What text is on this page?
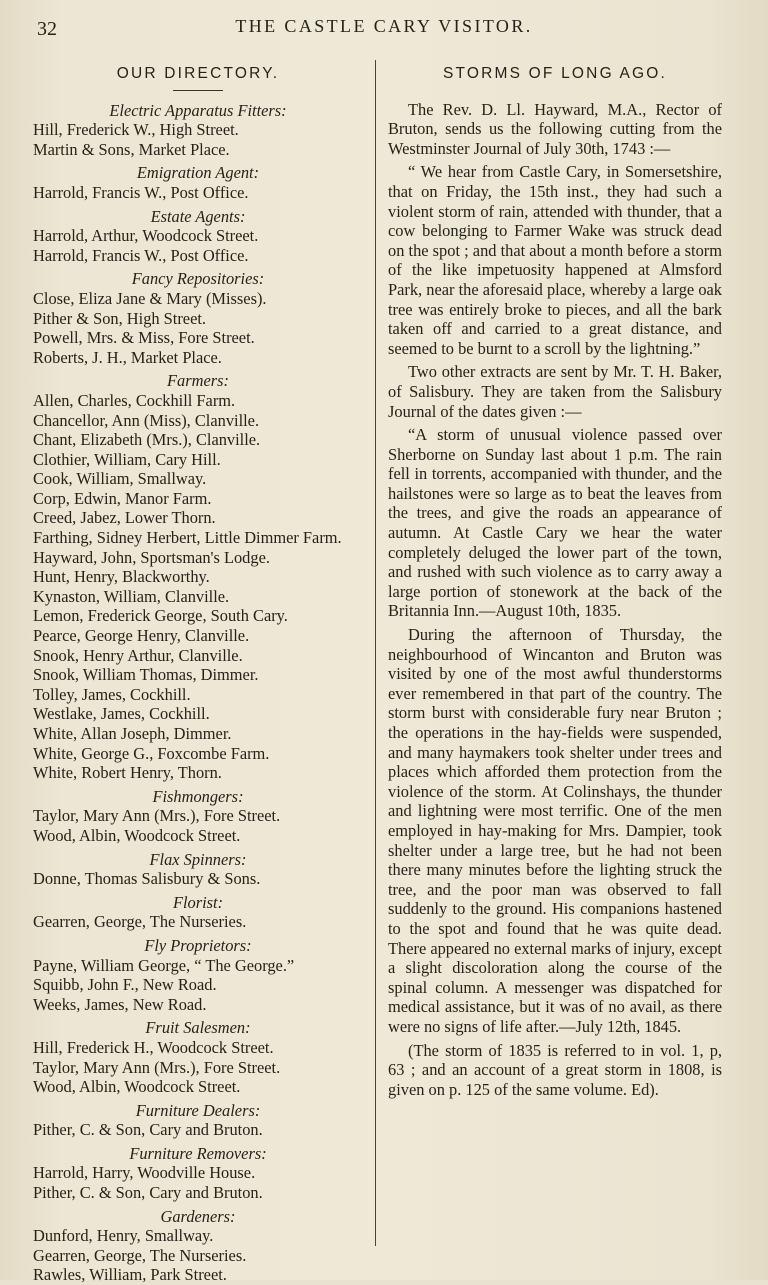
32	THE CASTLE CARY VISITOR.
OUR DIRECTORY.
Electric Apparatus Fitters:
Hill, Frederick W., High Street.
Martin & Sons, Market Place.
Emigration Agent:
Harrold, Francis W., Post Office.
Estate Agents:
Harrold, Arthur, Woodcock Street.
Harrold, Francis W., Post Office.
Fancy Repositories:
Close, Eliza Jane & Mary (Misses).
Pither & Son, High Street.
Powell, Mrs. & Miss, Fore Street.
Roberts, J. H., Market Place.
Farmers:
Allen, Charles, Cockhill Farm.
Chancellor, Ann (Miss), Clanville.
Chant, Elizabeth (Mrs.), Clanville.
Clothier, William, Cary Hill.
Cook, William, Smallway.
Corp, Edwin, Manor Farm.
Creed, Jabez, Lower Thorn.
Farthing, Sidney Herbert, Little Dimmer Farm.
Hayward, John, Sportsman's Lodge.
Hunt, Henry, Blackworthy.
Kynaston, William, Clanville.
Lemon, Frederick George, South Cary.
Pearce, George Henry, Clanville.
Snook, Henry Arthur, Clanville.
Snook, William Thomas, Dimmer.
Tolley, James, Cockhill.
Westlake, James, Cockhill.
White, Allan Joseph, Dimmer.
White, George G., Foxcombe Farm.
White, Robert Henry, Thorn.
Fishmongers:
Taylor, Mary Ann (Mrs.), Fore Street.
Wood, Albin, Woodcock Street.
Flax Spinners:
Donne, Thomas Salisbury & Sons.
Florist:
Gearren, George, The Nurseries.
Fly Proprietors:
Payne, William George, “ The George.”
Squibb, John F., New Road.
Weeks, James, New Road.
Fruit Salesmen:
Hill, Frederick H., Woodcock Street.
Taylor, Mary Ann (Mrs.), Fore Street.
Wood, Albin, Woodcock Street.
Furniture Dealers:
Pither, C. & Son, Cary and Bruton.
Furniture Removers:
Harrold, Harry, Woodville House.
Pither, C. & Son, Cary and Bruton.
Gardeners:
Dunford, Henry, Smallway.
Gearren, George, The Nurseries.
Rawles, William, Park Street.
STORMS OF LONG AGO.

The Rev. D. Ll. Hayward, M.A., Rector of Bruton, sends us the following cutting from the Westminster Journal of July 30th, 1743 :—

“ We hear from Castle Cary, in Somersetshire, that on Friday, the 15th inst., they had such a violent storm of rain, attended with thunder, that a cow belonging to Farmer Wake was struck dead on the spot ; and that about a month before a storm of the like impetuosity happened at Almsford Park, near the aforesaid place, whereby a large oak tree was entirely broke to pieces, and all the bark taken off and carried to a great distance, and seemed to be burnt to a scroll by the lightning.”

Two other extracts are sent by Mr. T. H. Baker, of Salisbury. They are taken from the Salisbury Journal of the dates given :—

“A storm of unusual violence passed over Sherborne on Sunday last about 1 p.m. The rain fell in torrents, accompanied with thunder, and the hailstones were so large as to beat the leaves from the trees, and give the roads an appearance of autumn. At Castle Cary we hear the water completely deluged the lower part of the town, and rushed with such violence as to carry away a large portion of stonework at the back of the Britannia Inn.—August 10th, 1835.

During the afternoon of Thursday, the neighbourhood of Wincanton and Bruton was visited by one of the most awful thunderstorms ever remembered in that part of the country. The storm burst with considerable fury near Bruton ; the operations in the hay-fields were suspended, and many haymakers took shelter under trees and places which afforded them protection from the violence of the storm. At Colinshays, the thunder and lightning were most terrific. One of the men employed in hay-making for Mrs. Dampier, took shelter under a large tree, but he had not been there many minutes before the lighting struck the tree, and the poor man was observed to fall suddenly to the ground. His companions hastened to the spot and found that he was quite dead. There appeared no external marks of injury, except a slight discoloration along the course of the spinal column. A messenger was dispatched for medical assistance, but it was of no avail, as there were no signs of life after.—July 12th, 1845.

(The storm of 1835 is referred to in vol. 1, p, 63 ; and an account of a great storm in 1808, is given on p. 125 of the same volume. Ed).
